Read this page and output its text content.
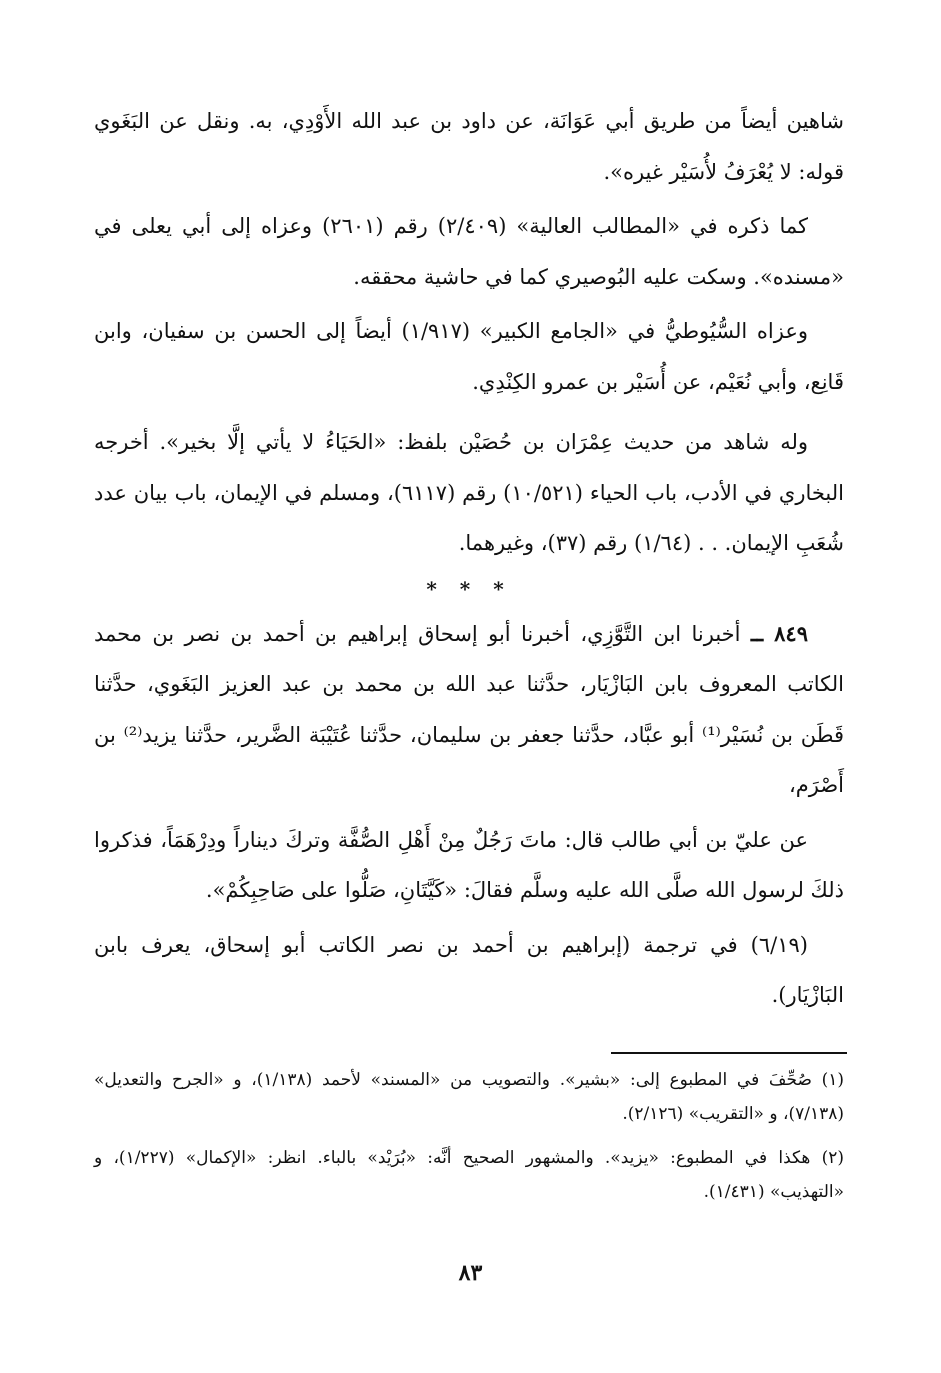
شاهين أيضاً من طريق أبي عَوَانَة، عن داود بن عبد الله الأَوْدِي، به. ونقل عن البَغَوي قوله: لا يُعْرَفُ لأُسَيْر غيره».

كما ذكره في «المطالب العالية» (٢/٤٠٩) رقم (٢٦٠١) وعزاه إلى أبي يعلى في «مسنده». وسكت عليه البُوصيري كما في حاشية محققه.

وعزاه السُّيُوطيُّ في «الجامع الكبير» (١/٩١٧) أيضاً إلى الحسن بن سفيان، وابن قَانِع، وأبي نُعَيْم، عن أُسَيْر بن عمرو الكِنْدِي.

وله شاهد من حديث عِمْرَان بن حُصَيْن بلفظ: «الحَيَاءُ لا يأتي إلَّا بخير». أخرجه البخاري في الأدب، باب الحياء (١٠/٥٢١) رقم (٦١١٧)، ومسلم في الإيمان، باب بيان عدد شُعَبِ الإيمان. . . (١/٦٤) رقم (٣٧)، وغيرهما.

* * *

٨٤٩ ــ أخبرنا ابن التَّوَّزِي، أخبرنا أبو إسحاق إبراهيم بن أحمد بن نصر بن محمد الكاتب المعروف بابن البَازْيَار، حدَّثنا عبد الله بن محمد بن عبد العزيز البَغَوي، حدَّثنا قَطَن بن نُسَيْر⁽¹⁾ أبو عبَّاد، حدَّثنا جعفر بن سليمان، حدَّثنا عُتَيْبَة الضَّرير، حدَّثنا يزيد⁽²⁾ بن أَصْرَم،

عن عليّ بن أبي طالب قال: ماتَ رَجُلٌ مِنْ أَهْلِ الصُّفَّة وتركَ ديناراً ودِرْهَمَاً، فذكروا ذلكَ لرسول الله صلَّى الله عليه وسلَّم فقالَ: «كَيَّتَانِ، صَلُّوا على صَاحِبِكُمْ».

(٦/١٩) في ترجمة (إبراهيم بن أحمد بن نصر الكاتب أبو إسحاق، يعرف بابن البَازْيَار).

(١) صُحِّفَ في المطبوع إلى: «بشير». والتصويب من «المسند» لأحمد (١/١٣٨)، و «الجرح والتعديل» (٧/١٣٨)، و «التقريب» (٢/١٢٦).

(٢) هكذا في المطبوع: «يزيد». والمشهور الصحيح أنَّه: «بُرَيْد» بالباء. انظر: «الإكمال» (١/٢٢٧)، و «التهذيب» (١/٤٣١).

٨٣
